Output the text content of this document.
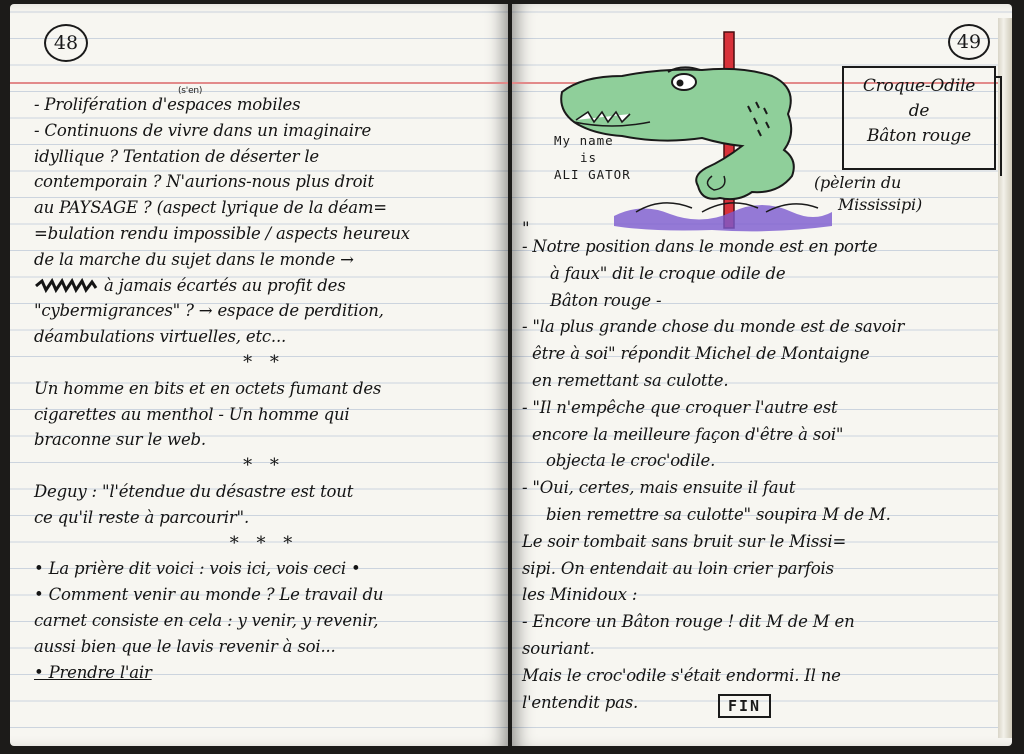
48
(s'en)
- Prolifération d'espaces mobiles
- Continuons de vivre dans un imaginaire
idyllique ? Tentation de déserter le
contemporain ? N'aurions-nous plus droit
au PAYSAGE ? (aspect lyrique de la déam=
=bulation rendu impossible / aspects heureux
de la marche du sujet dans le monde →
à jamais écartés au profit des
"cybermigrances" ? → espace de perdition,
déambulations virtuelles, etc...
* *
Un homme en bits et en octets fumant des
cigarettes au menthol - Un homme qui
braconne sur le web.
* *
Deguy : "l'étendue du désastre est tout
ce qu'il reste à parcourir".
* * *
• La prière dit voici : vois ici, vois ceci •
• Comment venir au monde ? Le travail du
carnet consiste en cela : y venir, y revenir,
aussi bien que le lavis revenir à soi...
• Prendre l'air
49
My name
is
ALI GATOR
Croque-Odile
de
Bâton rouge
(pèlerin du
Mississipi)
"
- Notre position dans le monde est en porte
à faux" dit le croque odile de
Bâton rouge -
- "la plus grande chose du monde est de savoir
être à soi" répondit Michel de Montaigne
en remettant sa culotte.
- "Il n'empêche que croquer l'autre est
encore la meilleure façon d'être à soi"
objecta le croc'odile.
- "Oui, certes, mais ensuite il faut
bien remettre sa culotte" soupira M de M.
Le soir tombait sans bruit sur le Missi=
sipi. On entendait au loin crier parfois
les Minidoux :
- Encore un Bâton rouge ! dit M de M en
souriant.
Mais le croc'odile s'était endormi. Il ne
l'entendit pas.	FIN
